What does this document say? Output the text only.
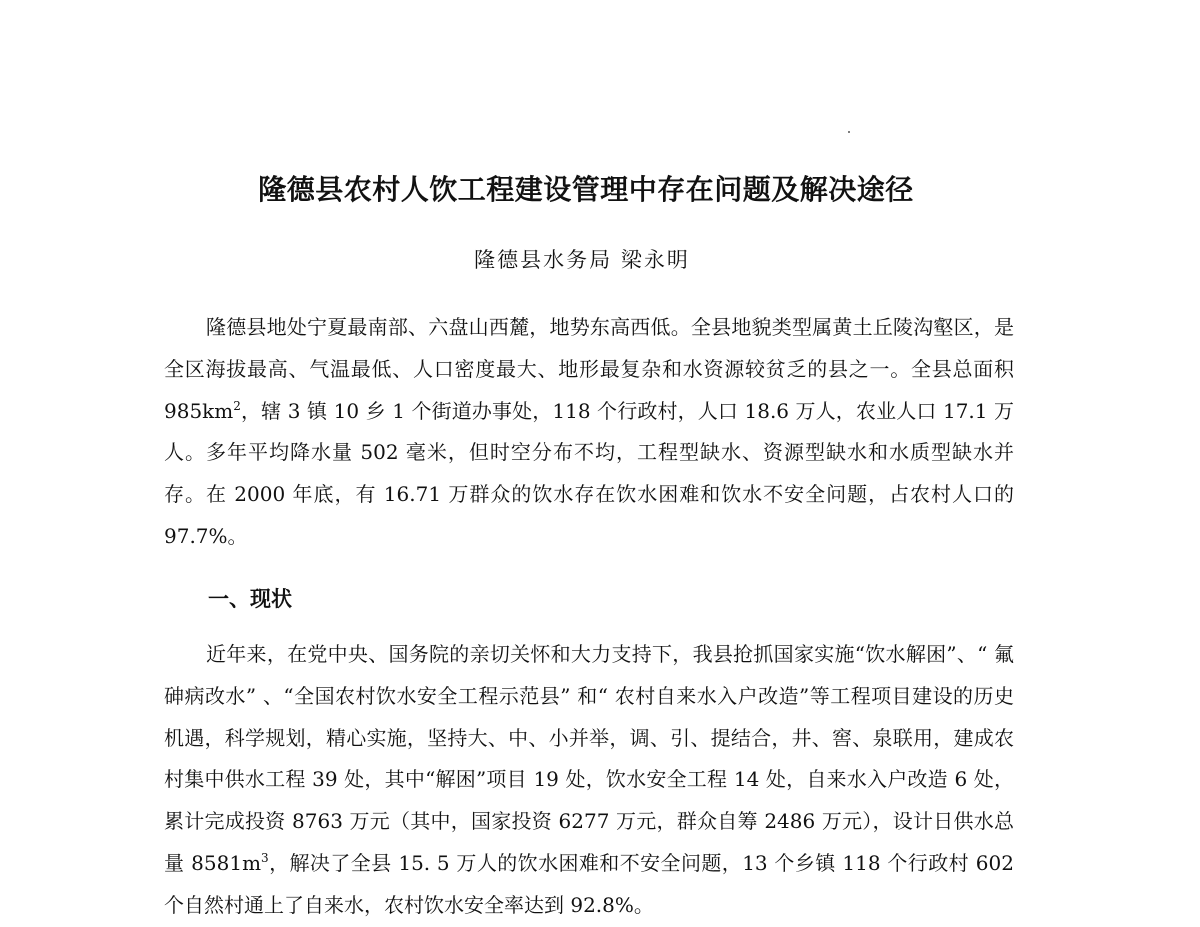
隆德县农村人饮工程建设管理中存在问题及解决途径

隆德县水务局 梁永明

隆德县地处宁夏最南部、六盘山西麓，地势东高西低。全县地貌类型属黄土丘陵沟壑区，是全区海拔最高、气温最低、人口密度最大、地形最复杂和水资源较贫乏的县之一。全县总面积 $985km^2$，辖 3 镇 10 乡 1 个街道办事处，118 个行政村，人口 18.6 万人，农业人口 17.1 万人。多年平均降水量 502 毫米，但时空分布不均，工程型缺水、资源型缺水和水质型缺水并存。在 2000 年底，有 16.71 万群众的饮水存在饮水困难和饮水不安全问题，占农村人口的 97.7%。

一、现状

近年来，在党中央、国务院的亲切关怀和大力支持下，我县抢抓国家实施“饮水解困”、“ 氟砷病改水” 、“全国农村饮水安全工程示范县” 和“ 农村自来水入户改造”等工程项目建设的历史机遇，科学规划，精心实施，坚持大、中、小并举，调、引、提结合，井、窖、泉联用，建成农村集中供水工程 39 处，其中“解困”项目 19 处，饮水安全工程 14 处，自来水入户改造 6 处，累计完成投资 8763 万元（其中，国家投资 6277 万元，群众自筹 2486 万元），设计日供水总量 $8581m^3$，解决了全县 15. 5 万人的饮水困难和不安全问题，13 个乡镇 118 个行政村 602 个自然村通上了自来水，农村饮水安全率达到 92.8%。
